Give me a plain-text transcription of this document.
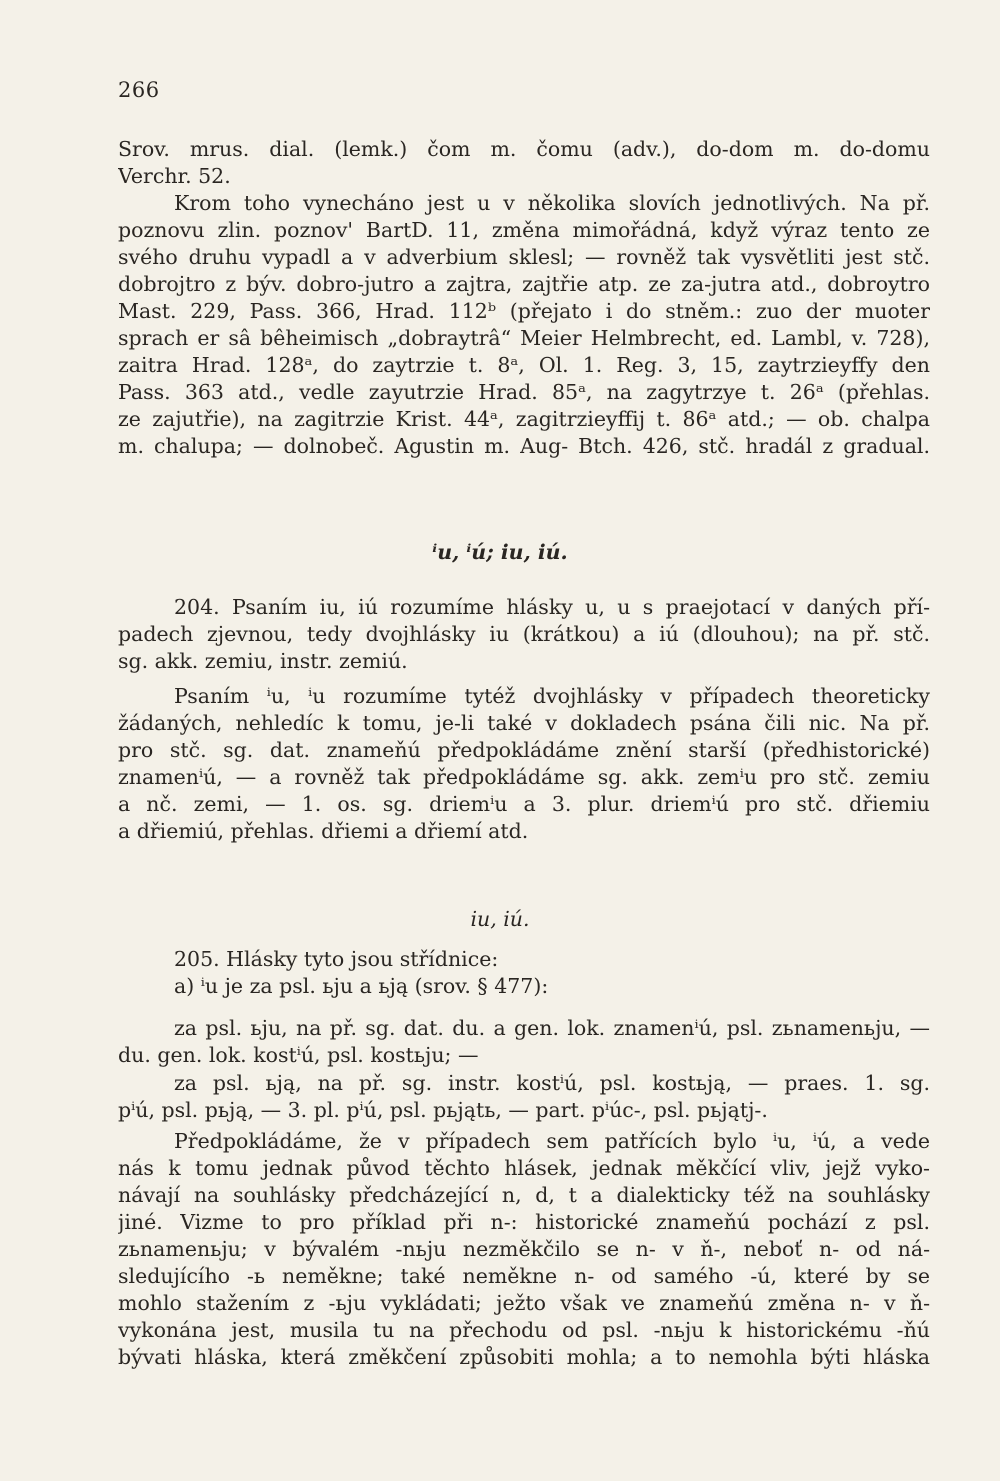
266
Srov. mrus. dial. (lemk.) čom m. čomu (adv.), do-dom m. do-domu
Verchr. 52.
Krom toho vynecháno jest u v několika slovích jednotlivých. Na př.
poznovu zlin. poznov' BartD. 11, změna mimořádná, když výraz tento ze
svého druhu vypadl a v adverbium sklesl; — rovněž tak vysvětliti jest stč.
dobrojtro z býv. dobro-jutro a zajtra, zajtřie atp. ze za-jutra atd., dobroytro
Mast. 229, Pass. 366, Hrad. 112ᵇ (přejato i do stněm.: zuo der muoter
sprach er sâ bêheimisch „dobraytrâ“ Meier Helmbrecht, ed. Lambl, v. 728),
zaitra Hrad. 128ᵃ, do zaytrzie t. 8ᵃ, Ol. 1. Reg. 3, 15, zaytrzieyffy den
Pass. 363 atd., vedle zayutrzie Hrad. 85ᵃ, na zagytrzye t. 26ᵃ (přehlas.
ze zajutřie), na zagitrzie Krist. 44ᵃ, zagitrzieyffij t. 86ᵃ atd.; — ob. chalpa
m. chalupa; — dolnobeč. Agustin m. Aug- Btch. 426, stč. hradál z gradual.
ⁱu, ⁱú; iu, iú.
204. Psaním iu, iú rozumíme hlásky u, u s praejotací v daných pří-
padech zjevnou, tedy dvojhlásky iu (krátkou) a iú (dlouhou); na př. stč.
sg. akk. zemiu, instr. zemiú.
Psaním ⁱu, ⁱu rozumíme tytéž dvojhlásky v případech theoreticky
žádaných, nehledíc k tomu, je-li také v dokladech psána čili nic. Na př.
pro stč. sg. dat. znameňú předpokládáme znění starší (předhistorické)
znamenⁱú, — a rovněž tak předpokládáme sg. akk. zemⁱu pro stč. zemiu
a nč. zemi, — 1. os. sg. driemⁱu a 3. plur. driemⁱú pro stč. dřiemiu
a dřiemiú, přehlas. dřiemi a dřiemí atd.
iu, iú.
205. Hlásky tyto jsou střídnice:
a) ⁱu je za psl. ьju a ьją (srov. § 477):
za psl. ьju, na př. sg. dat. du. a gen. lok. znamenⁱú, psl. zьnamenьju, —
du. gen. lok. kostⁱú, psl. kostьju; —
za psl. ьją, na př. sg. instr. kostⁱú, psl. kostьją, — praes. 1. sg.
pⁱú, psl. pьją, — 3. pl. pⁱú, psl. pьjątь, — part. pⁱúc-, psl. pьjątj-.
Předpokládáme, že v případech sem patřících bylo ⁱu, ⁱú, a vede
nás k tomu jednak původ těchto hlásek, jednak měkčící vliv, jejž vyko-
návají na souhlásky předcházející n, d, t a dialekticky též na souhlásky
jiné. Vizme to pro příklad při n-: historické znameňú pochází z psl.
zьnamenьju; v bývalém -nьju nezměkčilo se n- v ň-, neboť n- od ná-
sledujícího -ь neměkne; také neměkne n- od samého -ú, které by se
mohlo stažením z -ьju vykládati; ježto však ve znameňú změna n- v ň-
vykonána jest, musila tu na přechodu od psl. -nьju k historickému -ňú
bývati hláska, která změkčení způsobiti mohla; a to nemohla býti hláska
